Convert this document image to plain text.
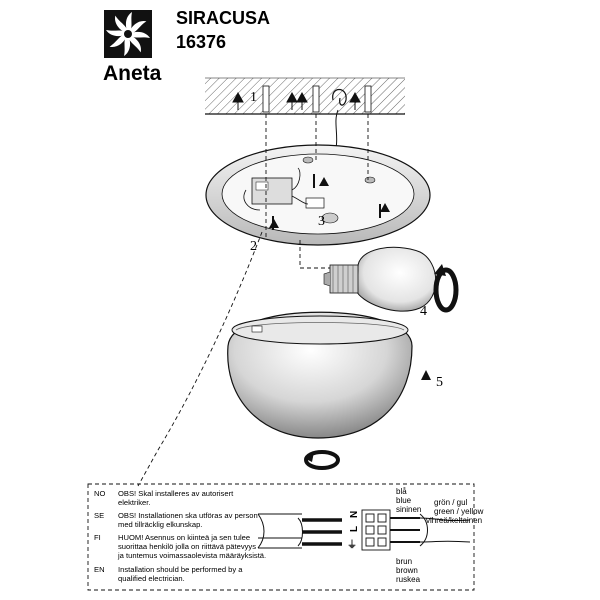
Aneta
SIRACUSA
16376
1
2
3
4
5
NO OBS! Skal installeres av autorisert
elektriker.
SE OBS! Installationen ska utföras av person
med tillräcklig elkunskap.
FI HUOM! Asennus on kiinteä ja sen tulee
suorittaa henkilö jolla on riittävä pätevyys
ja tuntemus voimassaolevista määräyksistä.
EN Installation should be performed by a
qualified electrician.
N
L
⏚
blå
blue
sininen
grön / gul
green / yellow
vihreä/keltainen
brun
brown
ruskea
